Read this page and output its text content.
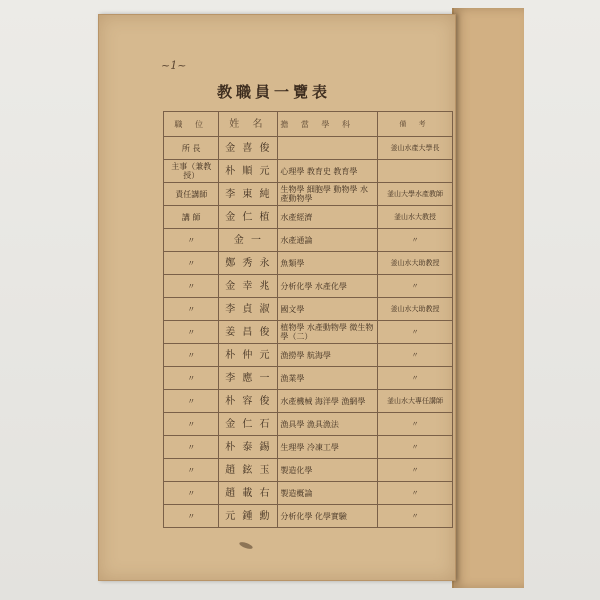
~1~
教職員一覽表
職 位	姓 名	擔 當 學 科	備 考
所 長	金 喜 俊		釜山水產大學長
主事（兼教授）	朴 順 元	心理學 教育史 教育學	
責任講師	李 東 純	生物學 細胞學 動物學 水產動物學	釜山大學水產教師
講 師	金 仁 植	水產經濟	釜山水大教授
〃	金 一	水產通論	〃
〃	鄭 秀 永	魚類學	釜山水大助教授
〃	金 幸 兆	分析化學 水產化學	〃
〃	李 貞 淑	國文學	釜山水大助教授
〃	姜 昌 俊	植物學 水產動物學 微生物學（二）	〃
〃	朴 仲 元	漁撈學 航海學	〃
〃	李 應 一	漁業學	〃
〃	朴 容 俊	水產機械 海洋學 漁網學	釜山水大專任講師
〃	金 仁 石	漁具學 漁具漁法	〃
〃	朴 泰 錫	生理學 冷凍工學	〃
〃	趙 鉉 玉	製造化學	〃
〃	趙 載 右	製造概論	〃
〃	元 鍾 勳	分析化學 化學實驗	〃
